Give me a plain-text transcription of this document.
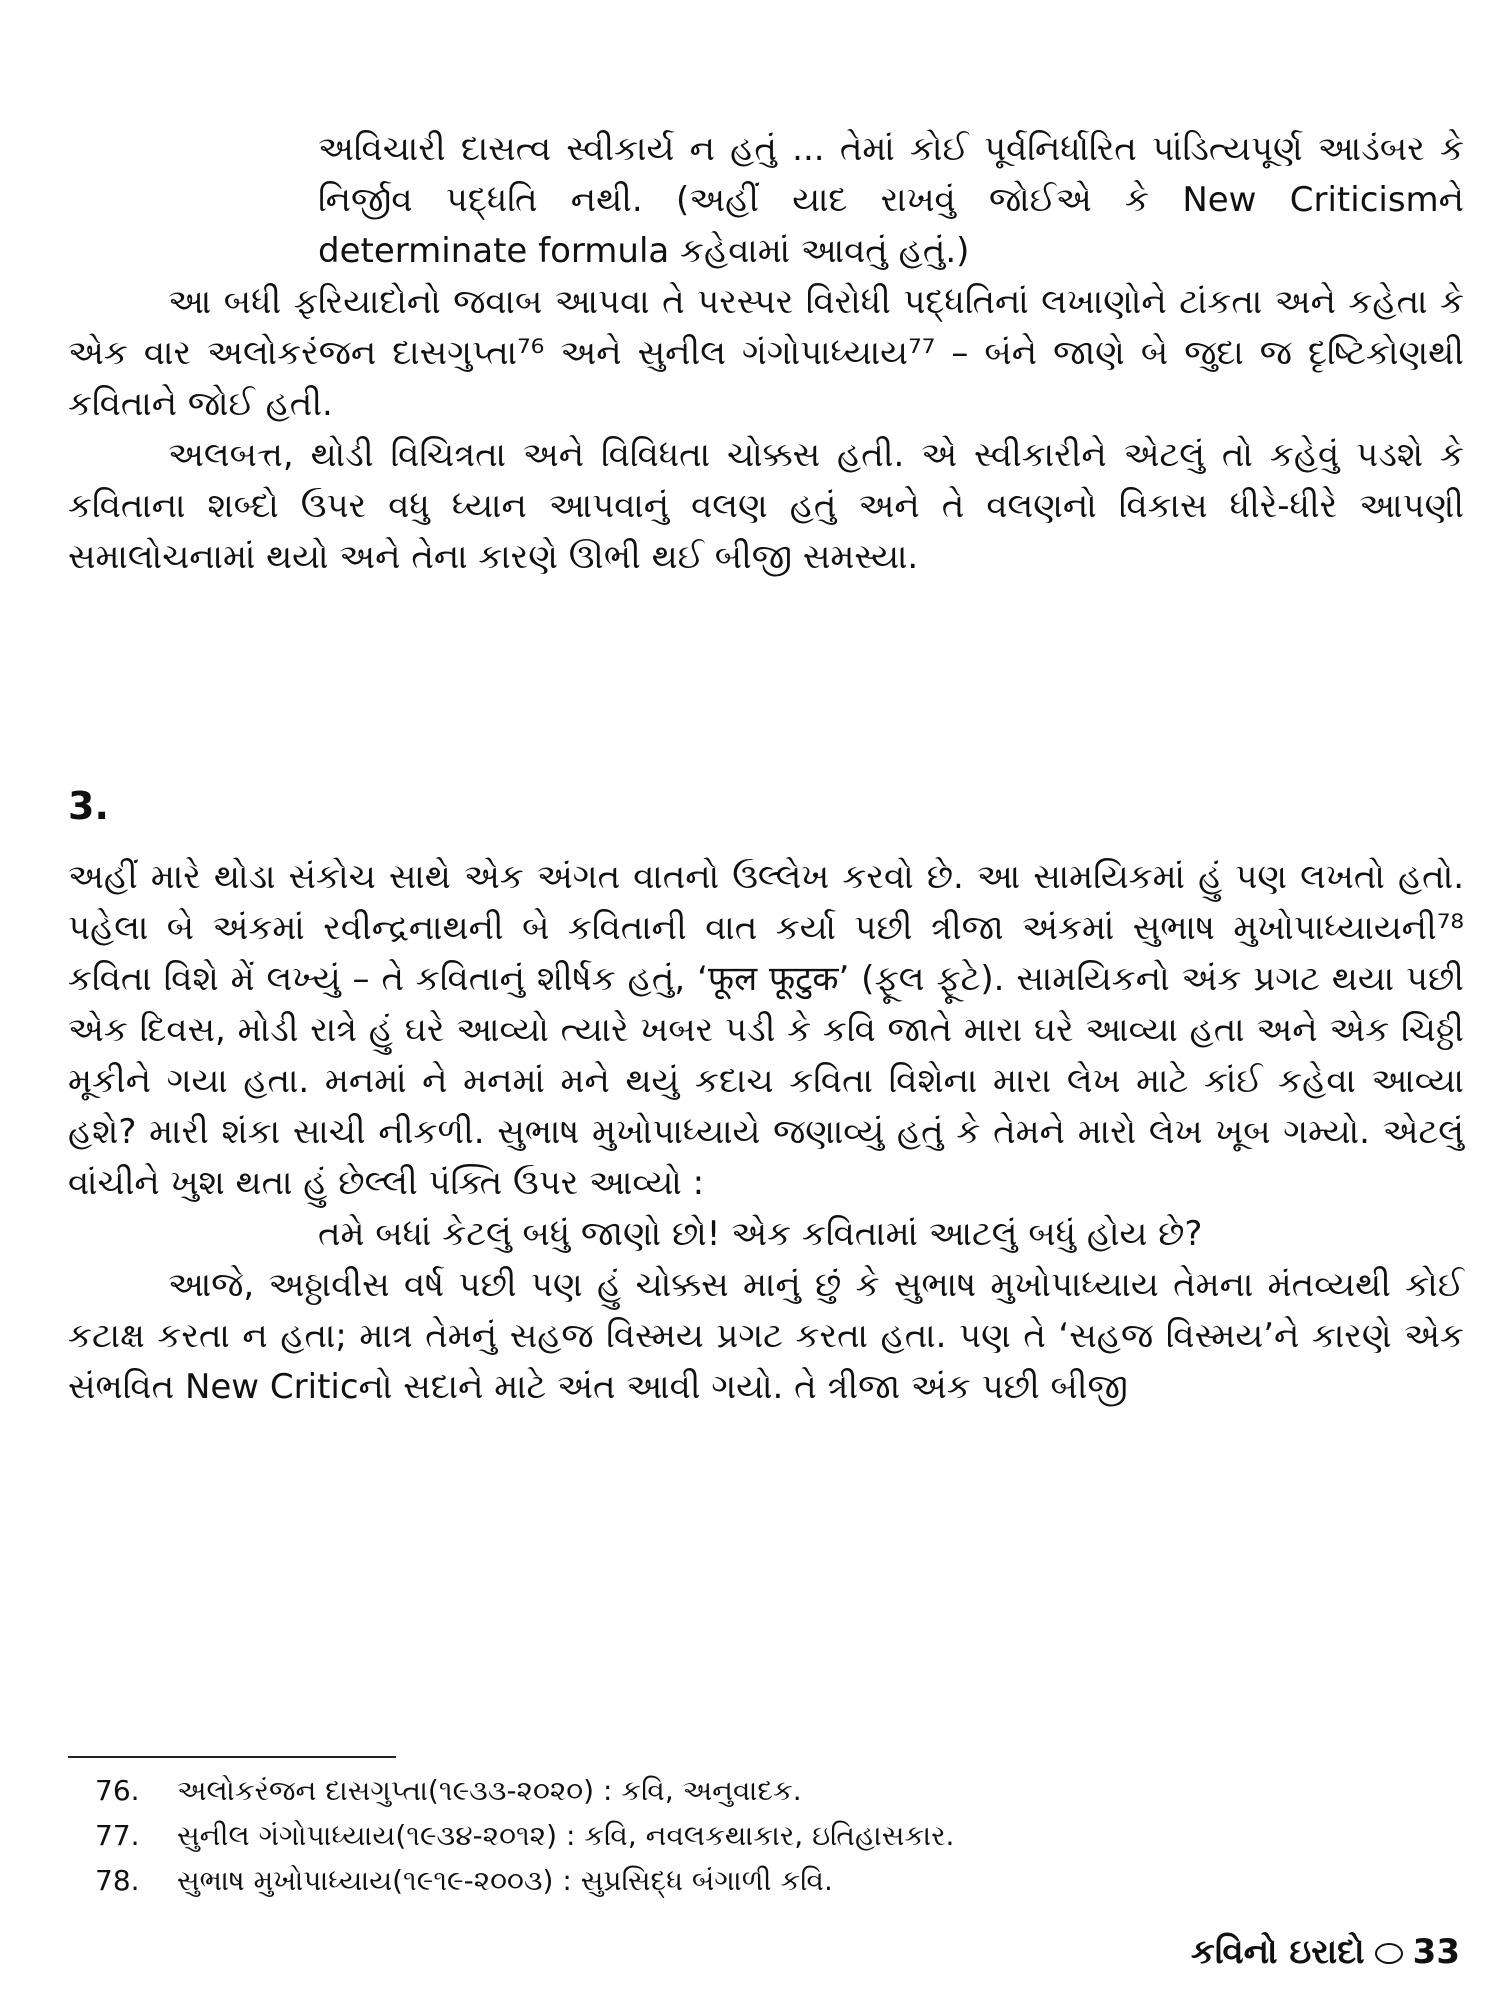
અવિચારી દાસત્વ સ્વીકાર્ય ન હતું ... તેમાં કોઈ પૂર્વનિર્ધારિત પાંડિત્યપૂર્ણ આડંબર કે નિર્જીવ પદ્ધતિ નથી. (અહીં યાદ રાખવું જોઈએ કે New Criticismને determinate formula કહેવામાં આવતું હતું.)

આ બધી ફરિયાદોનો જવાબ આપવા તે પરસ્પર વિરોધી પદ્ધતિનાં લખાણોને ટાંકતા અને કહેતા કે એક વાર અલોકરંજન દાસગુપ્તા⁷⁶ અને સુનીલ ગંગોપાધ્યાય⁷⁷ – બંને જાણે બે જુદા જ દૃષ્ટિકોણથી કવિતાને જોઈ હતી.

અલબત્ત, થોડી વિચિત્રતા અને વિવિધતા ચોક્કસ હતી. એ સ્વીકારીને એટલું તો કહેવું પડશે કે કવિતાના શબ્દો ઉપર વધુ ધ્યાન આપવાનું વલણ હતું અને તે વલણનો વિકાસ ધીરે-ધીરે આપણી સમાલોચનામાં થયો અને તેના કારણે ઊભી થઈ બીજી સમસ્યા.

3.

અહીં મારે થોડા સંકોચ સાથે એક અંગત વાતનો ઉલ્લેખ કરવો છે. આ સામયિકમાં હું પણ લખતો હતો. પહેલા બે અંકમાં રવીન્દ્રનાથની બે કવિતાની વાત કર્યા પછી ત્રીજા અંકમાં સુભાષ મુખોપાધ્યાયની⁷⁸ કવિતા વિશે મેં લખ્યું – તે કવિતાનું શીર્ષક હતું, ‘फूल फूटुक’ (ફૂલ ફૂટે). સામયિકનો અંક પ્રગટ થયા પછી એક દિવસ, મોડી રાત્રે હું ઘરે આવ્યો ત્યારે ખબર પડી કે કવિ જાતે મારા ઘરે આવ્યા હતા અને એક ચિઠ્ઠી મૂકીને ગયા હતા. મનમાં ને મનમાં મને થયું કદાચ કવિતા વિશેના મારા લેખ માટે કાંઈ કહેવા આવ્યા હશે? મારી શંકા સાચી નીકળી. સુભાષ મુખોપાધ્યાયે જણાવ્યું હતું કે તેમને મારો લેખ ખૂબ ગમ્યો. એટલું વાંચીને ખુશ થતા હું છેલ્લી પંક્તિ ઉપર આવ્યો :

તમે બધાં કેટલું બધું જાણો છો! એક કવિતામાં આટલું બધું હોય છે?

આજે, અઠ્ઠાવીસ વર્ષ પછી પણ હું ચોક્કસ માનું છું કે સુભાષ મુખોપાધ્યાય તેમના મંતવ્યથી કોઈ કટાક્ષ કરતા ન હતા; માત્ર તેમનું સહજ વિસ્મય પ્રગટ કરતા હતા. પણ તે ‘સહજ વિસ્મય’ને કારણે એક સંભવિત New Criticનો સદાને માટે અંત આવી ગયો. તે ત્રીજા અંક પછી બીજી

76. અલોકરંજન દાસગુપ્તા(૧૯૩૩-૨૦૨૦) : કવિ, અનુવાદક.

77. સુનીલ ગંગોપાધ્યાય(૧૯૩૪-૨૦૧૨) : કવિ, નવલકથાકાર, ઇતિહાસકાર.

78. સુભાષ મુખોપાધ્યાય(૧૯૧૯-૨૦૦૩) : સુપ્રસિદ્ધ બંગાળી કવિ.

કવિનો ઇરાદો 33
